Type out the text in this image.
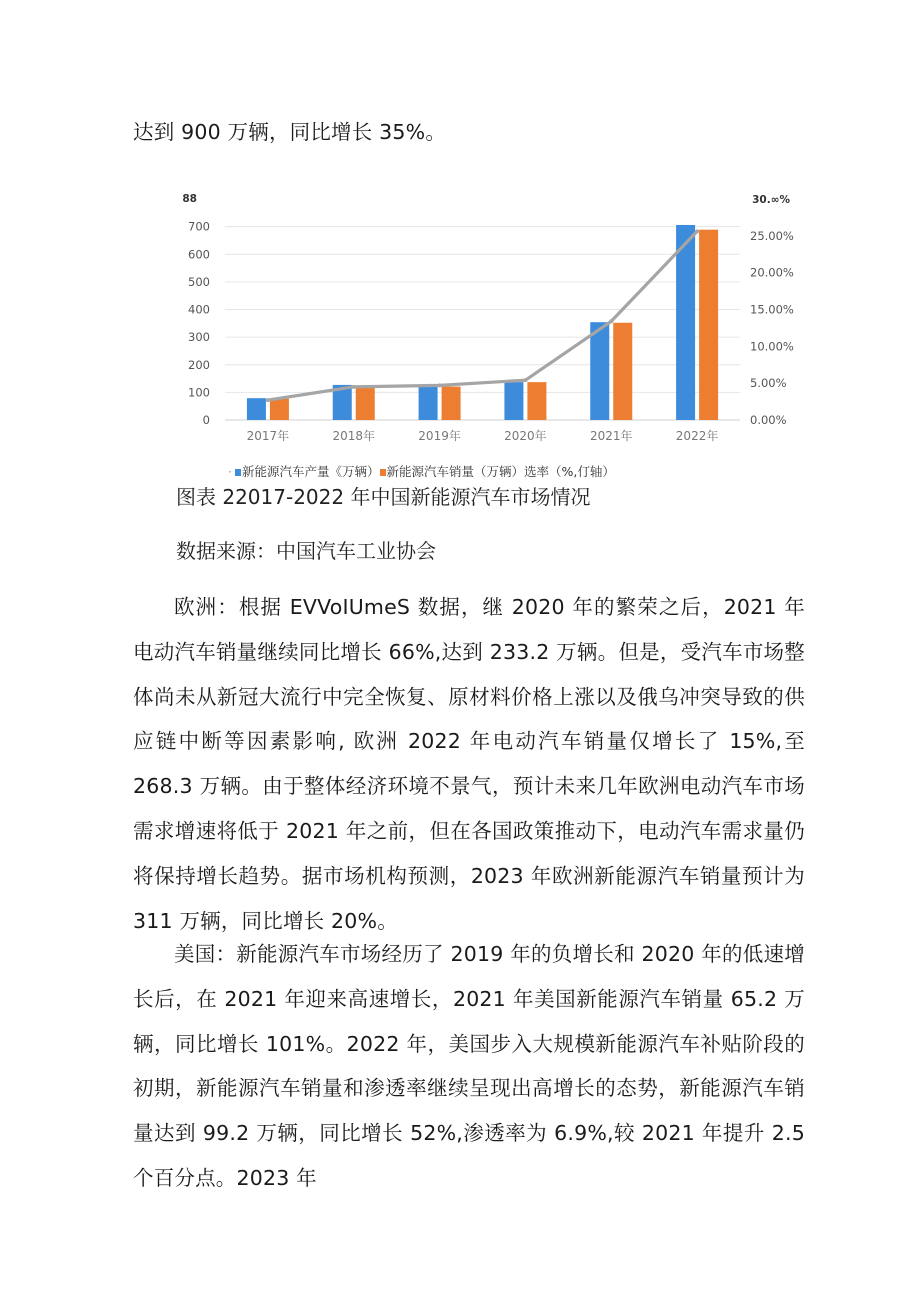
达到 900 万辆，同比增长 35%。

0
100
200
300
400
500
600
700
88
0.00%
5.00%
10.00%
15.00%
20.00%
25.00%
30.∞%
2017年	2018年	2019年	2020年	2021年	2022年
· 新能源汽车产量《万辆） 新能源汽车销量（万辆）选率（%,仃轴）

图表 22017-2022 年中国新能源汽车市场情况

数据来源：中国汽车工业协会

欧洲：根据 EVVoIUmeS 数据，继 2020 年的繁荣之后，2021 年电动汽车销量继续同比增长 66%,达到 233.2 万辆。但是，受汽车市场整体尚未从新冠大流行中完全恢复、原材料价格上涨以及俄乌冲突导致的供应链中断等因素影响, 欧洲 2022 年电动汽车销量仅增长了 15%,至 268.3 万辆。由于整体经济环境不景气，预计未来几年欧洲电动汽车市场需求增速将低于 2021 年之前，但在各国政策推动下，电动汽车需求量仍将保持增长趋势。据市场机构预测，2023 年欧洲新能源汽车销量预计为 311 万辆，同比增长 20%。

美国：新能源汽车市场经历了 2019 年的负增长和 2020 年的低速增长后，在 2021 年迎来高速增长，2021 年美国新能源汽车销量 65.2 万辆，同比增长 101%。2022 年，美国步入大规模新能源汽车补贴阶段的初期，新能源汽车销量和渗透率继续呈现出高增长的态势，新能源汽车销量达到 99.2 万辆，同比增长 52%,渗透率为 6.9%,较 2021 年提升 2.5 个百分点。2023 年
